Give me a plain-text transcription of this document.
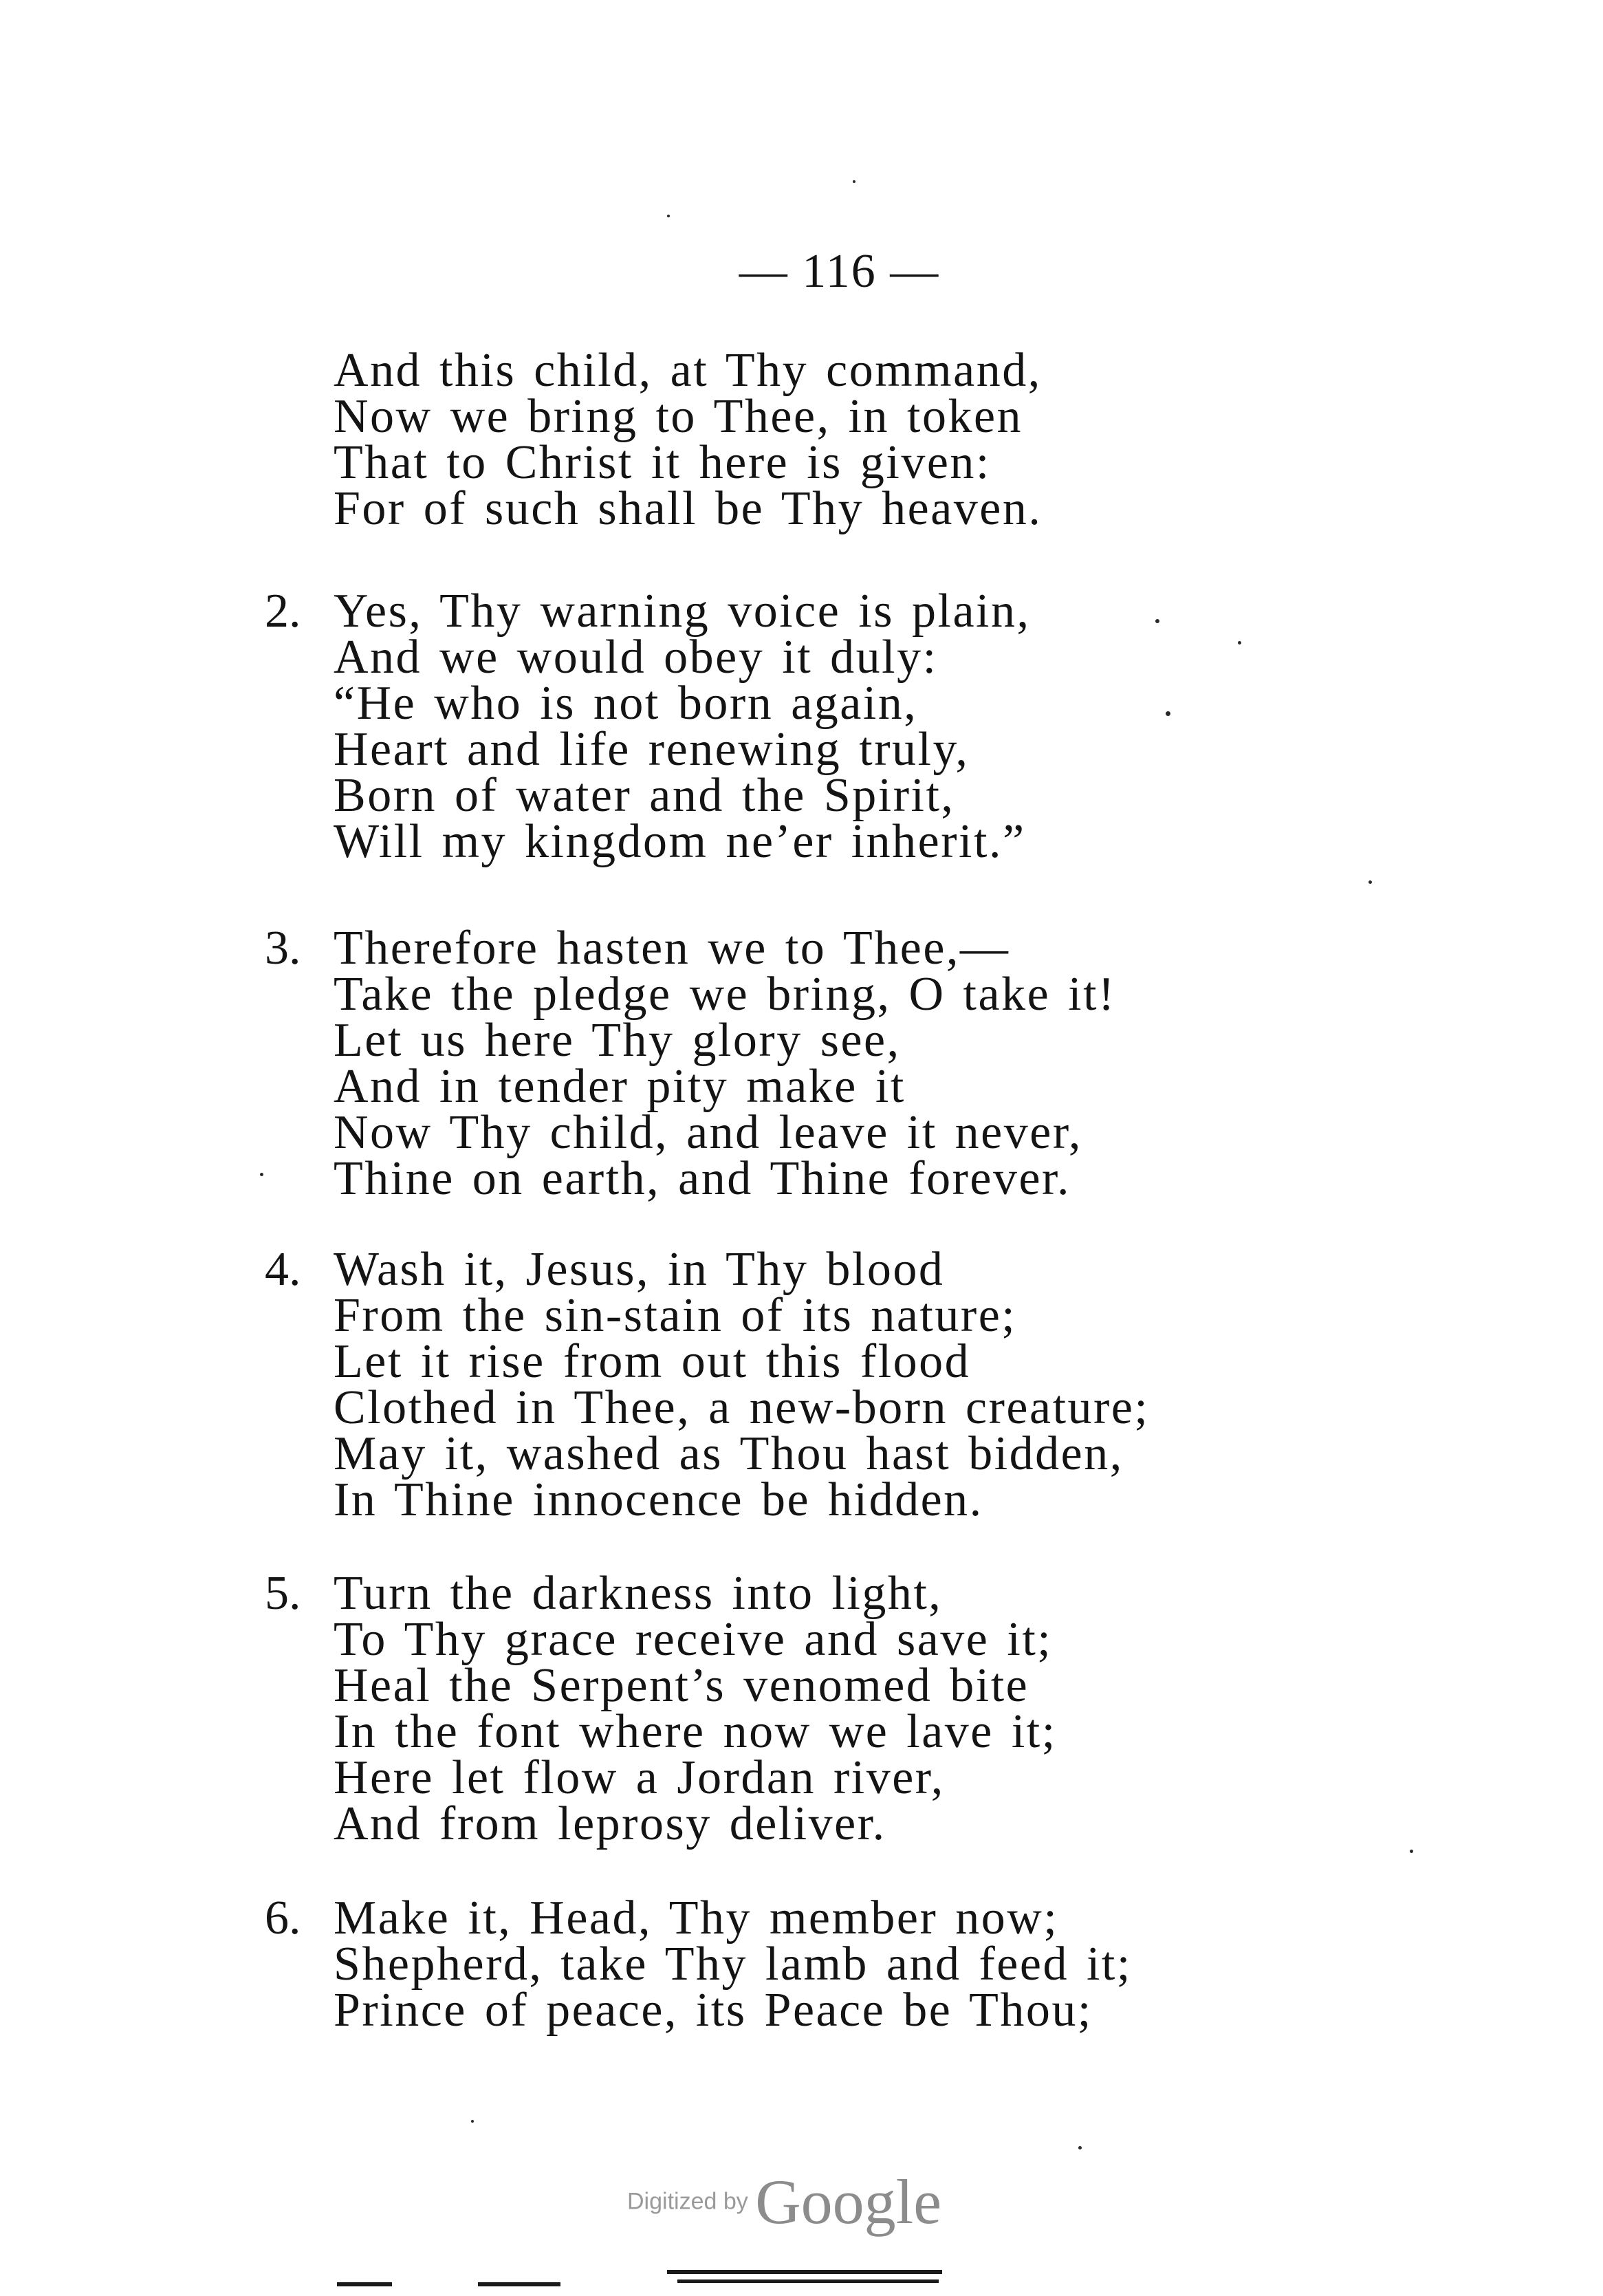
— 116 —
And this child, at Thy command,
Now we bring to Thee, in token
That to Christ it here is given:
For of such shall be Thy heaven.
2. Yes, Thy warning voice is plain,
And we would obey it duly:
“He who is not born again,
Heart and life renewing truly,
Born of water and the Spirit,
Will my kingdom ne’er inherit.”
3. Therefore hasten we to Thee,—
Take the pledge we bring, O take it!
Let us here Thy glory see,
And in tender pity make it
Now Thy child, and leave it never,
Thine on earth, and Thine forever.
4. Wash it, Jesus, in Thy blood
From the sin-stain of its nature;
Let it rise from out this flood
Clothed in Thee, a new-born creature;
May it, washed as Thou hast bidden,
In Thine innocence be hidden.
5. Turn the darkness into light,
To Thy grace receive and save it;
Heal the Serpent’s venomed bite
In the font where now we lave it;
Here let flow a Jordan river,
And from leprosy deliver.
6. Make it, Head, Thy member now;
Shepherd, take Thy lamb and feed it;
Prince of peace, its Peace be Thou;
Digitized by Google
